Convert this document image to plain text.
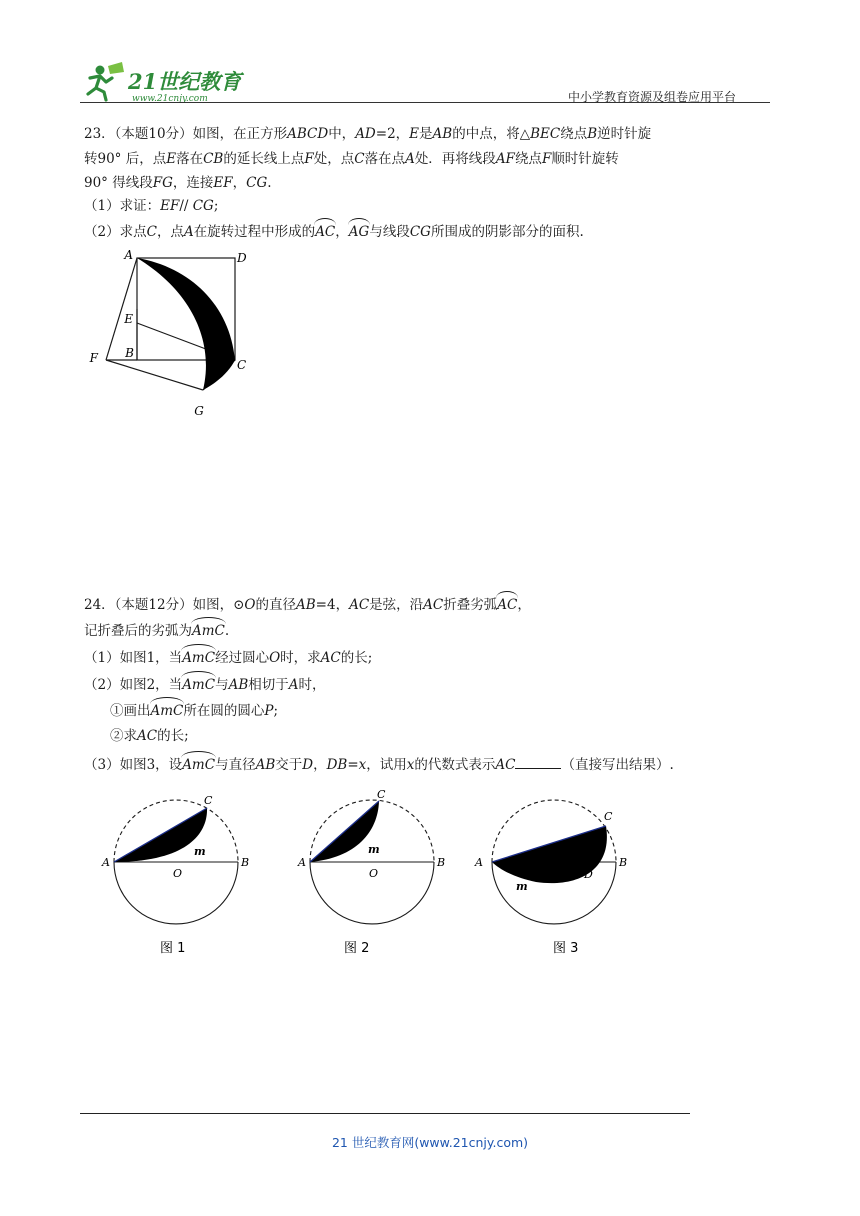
21世纪教育
www.21cnjy.com	中小学教育资源及组卷应用平台
23．（本题10分）如图，在正方形ABCD中，AD=2，E是AB的中点，将△BEC绕点B逆时针旋
转90° 后，点E落在CB的延长线上点F处，点C落在点A处．再将线段AF绕点F顺时针旋转
90° 得线段FG，连接EF，CG.
（1）求证：EF// CG;
（2）求点C，点A在旋转过程中形成的AC，AG与线段CG所围成的阴影部分的面积.
A	D
E
B
F	C
G
24．（本题12分）如图，⊙O的直径AB=4，AC是弦，沿AC折叠劣弧AC，
记折叠后的劣弧为AmC.
（1）如图1，当AmC经过圆心O时，求AC的长;
（2）如图2，当AmC与AB相切于A时，
①画出AmC所在圆的圆心P;
②求AC的长;
（3）如图3，设AmC与直径AB交于D，DB=x，试用x的代数式表示AC	（直接写出结果）.
C
A	B
O
m
图 1
C
A	B
O
m
图 2
C
A	B
D
m
图 3
21 世纪教育网(www.21cnjy.com)
